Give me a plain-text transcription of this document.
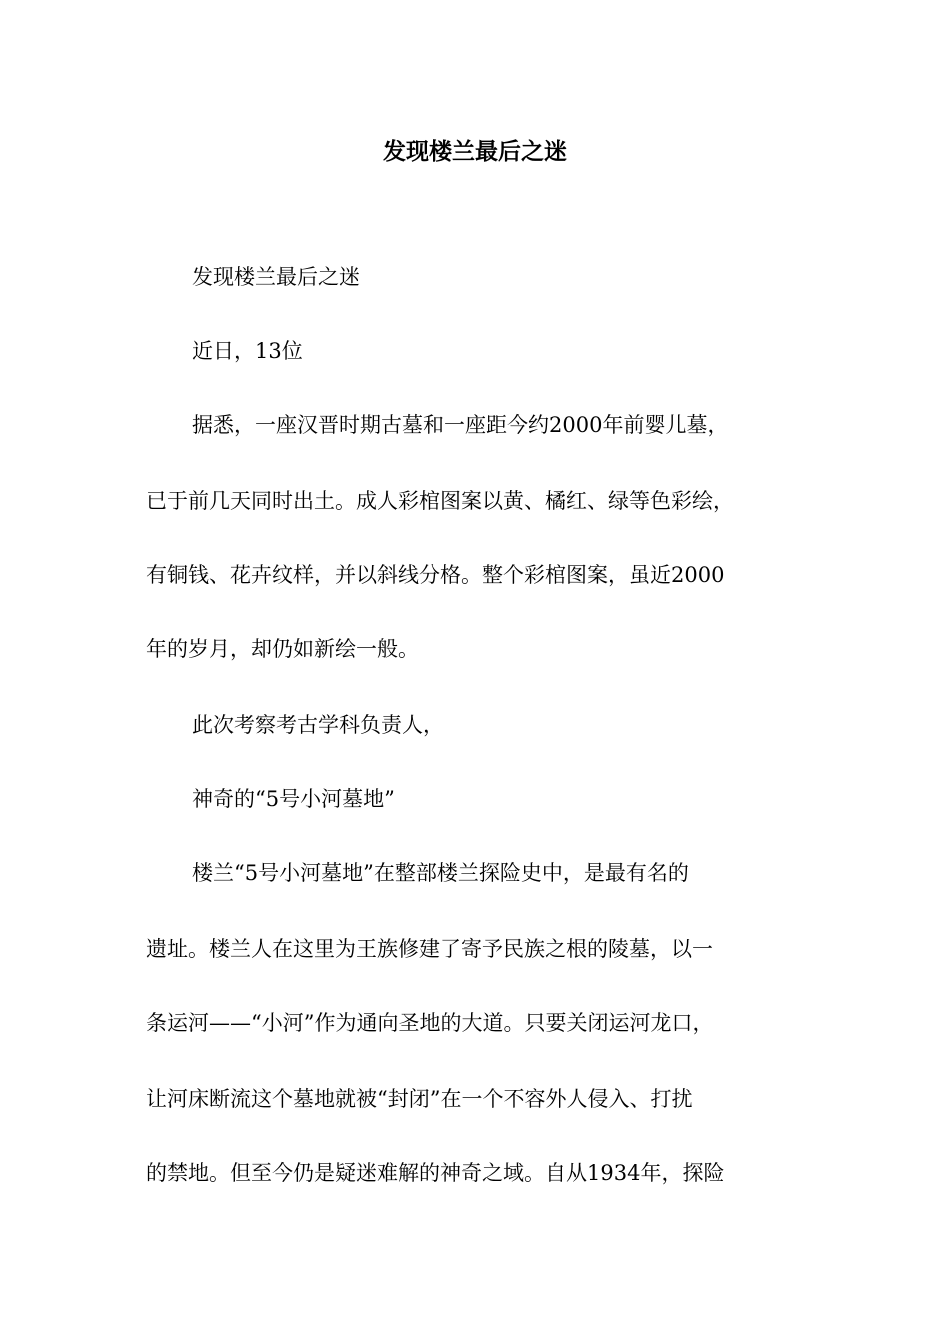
发现楼兰最后之迷

发现楼兰最后之迷

近日，13位

据悉，一座汉晋时期古墓和一座距今约2000年前婴儿墓，

已于前几天同时出土。成人彩棺图案以黄、橘红、绿等色彩绘，

有铜钱、花卉纹样，并以斜线分格。整个彩棺图案，虽近2000

年的岁月，却仍如新绘一般。

此次考察考古学科负责人，

神奇的“5号小河墓地”

楼兰“5号小河墓地”在整部楼兰探险史中，是最有名的

遗址。楼兰人在这里为王族修建了寄予民族之根的陵墓，以一

条运河——“小河”作为通向圣地的大道。只要关闭运河龙口，

让河床断流这个墓地就被“封闭”在一个不容外人侵入、打扰

的禁地。但至今仍是疑迷难解的神奇之域。自从1934年，探险
